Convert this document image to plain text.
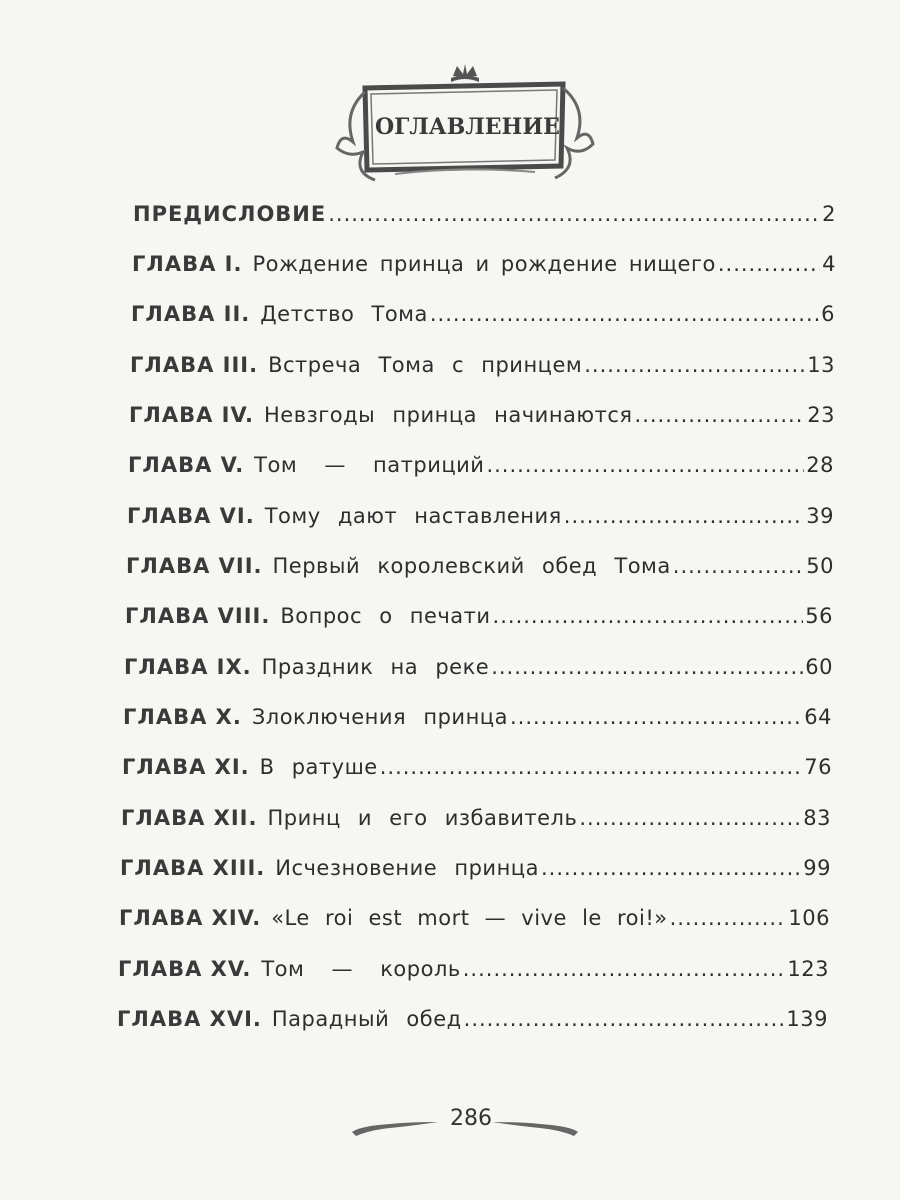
ОГЛАВЛЕНИЕ
ПРЕДИСЛОВИЕ .....	2
ГЛАВА I. Рождение принца и рождение нищего .....	4
ГЛАВА II. Детство Тома .....	6
ГЛАВА III. Встреча Тома с принцем .....	13
ГЛАВА IV. Невзгоды принца начинаются .....	23
ГЛАВА V. Том — патриций .....	28
ГЛАВА VI. Тому дают наставления .....	39
ГЛАВА VII. Первый королевский обед Тома .....	50
ГЛАВА VIII. Вопрос о печати .....	56
ГЛАВА IX. Праздник на реке .....	60
ГЛАВА X. Злоключения принца .....	64
ГЛАВА XI. В ратуше .....	76
ГЛАВА XII. Принц и его избавитель .....	83
ГЛАВА XIII. Исчезновение принца .....	99
ГЛАВА XIV. «Le roi est mort — vive le roi!» .....	106
ГЛАВА XV. Том — король .....	123
ГЛАВА XVI. Парадный обед .....	139
286
